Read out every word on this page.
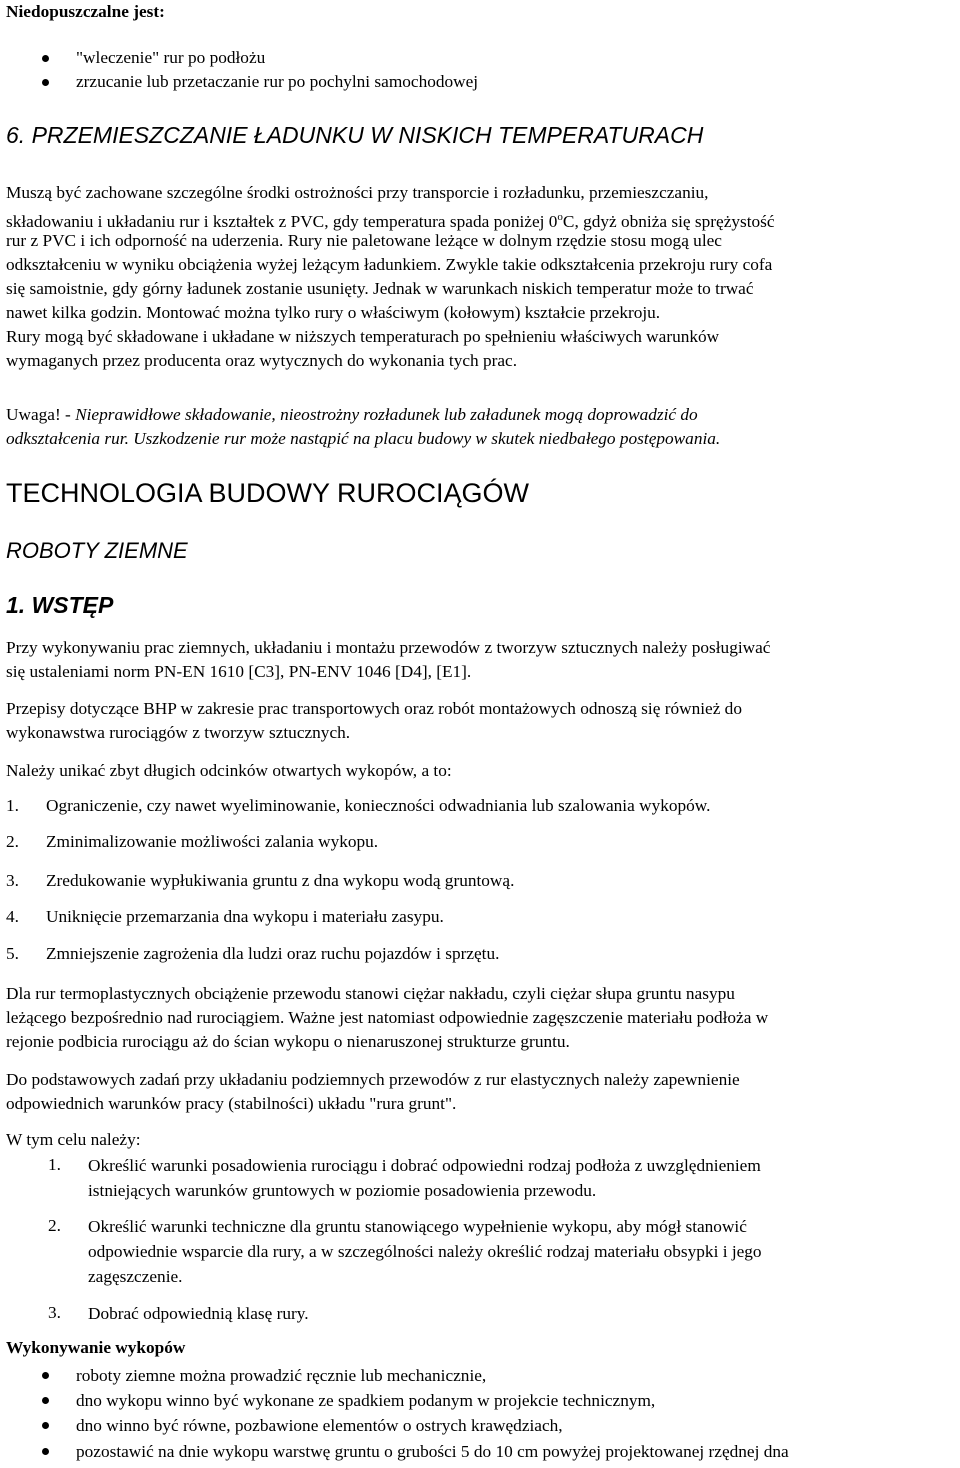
Niedopuszczalne jest:
"wleczenie" rur po podłożu
zrzucanie lub przetaczanie rur po pochylni samochodowej
6. PRZEMIESZCZANIE ŁADUNKU W NISKICH TEMPERATURACH
Muszą być zachowane szczególne środki ostrożności przy transporcie i rozładunku, przemieszczaniu,
składowaniu i układaniu rur i kształtek z PVC, gdy temperatura spada poniżej 0$^o$C, gdyż obniża się sprężystość
rur z PVC i ich odporność na uderzenia. Rury nie paletowane leżące w dolnym rzędzie stosu mogą ulec
odkształceniu w wyniku obciążenia wyżej leżącym ładunkiem. Zwykle takie odkształcenia przekroju rury cofa
się samoistnie, gdy górny ładunek zostanie usunięty. Jednak w warunkach niskich temperatur może to trwać
nawet kilka godzin. Montować można tylko rury o właściwym (kołowym) kształcie przekroju.
Rury mogą być składowane i układane w niższych temperaturach po spełnieniu właściwych warunków
wymaganych przez producenta oraz wytycznych do wykonania tych prac.
Uwaga! - Nieprawidłowe składowanie, nieostrożny rozładunek lub załadunek mogą doprowadzić do
odkształcenia rur. Uszkodzenie rur może nastąpić na placu budowy w skutek niedbałego postępowania.
TECHNOLOGIA BUDOWY RUROCIĄGÓW
ROBOTY ZIEMNE
1. WSTĘP
Przy wykonywaniu prac ziemnych, układaniu i montażu przewodów z tworzyw sztucznych należy posługiwać
się ustaleniami norm PN-EN 1610 [C3], PN-ENV 1046 [D4], [E1].
Przepisy dotyczące BHP w zakresie prac transportowych oraz robót montażowych odnoszą się również do
wykonawstwa rurociągów z tworzyw sztucznych.
Należy unikać zbyt długich odcinków otwartych wykopów, a to:
1. Ograniczenie, czy nawet wyeliminowanie, konieczności odwadniania lub szalowania wykopów.
2. Zminimalizowanie możliwości zalania wykopu.
3. Zredukowanie wypłukiwania gruntu z dna wykopu wodą gruntową.
4. Uniknięcie przemarzania dna wykopu i materiału zasypu.
5. Zmniejszenie zagrożenia dla ludzi oraz ruchu pojazdów i sprzętu.
Dla rur termoplastycznych obciążenie przewodu stanowi ciężar nakładu, czyli ciężar słupa gruntu nasypu
leżącego bezpośrednio nad rurociągiem. Ważne jest natomiast odpowiednie zagęszczenie materiału podłoża w
rejonie podbicia rurociągu aż do ścian wykopu o nienaruszonej strukturze gruntu.
Do podstawowych zadań przy układaniu podziemnych przewodów z rur elastycznych należy zapewnienie
odpowiednich warunków pracy (stabilności) układu "rura grunt".
W tym celu należy:
1. Określić warunki posadowienia rurociągu i dobrać odpowiedni rodzaj podłoża z uwzględnieniem
istniejących warunków gruntowych w poziomie posadowienia przewodu.
2. Określić warunki techniczne dla gruntu stanowiącego wypełnienie wykopu, aby mógł stanowić
odpowiednie wsparcie dla rury, a w szczególności należy określić rodzaj materiału obsypki i jego
zagęszczenie.
3. Dobrać odpowiednią klasę rury.
Wykonywanie wykopów
roboty ziemne można prowadzić ręcznie lub mechanicznie,
dno wykopu winno być wykonane ze spadkiem podanym w projekcie technicznym,
dno winno być równe, pozbawione elementów o ostrych krawędziach,
pozostawić na dnie wykopu warstwę gruntu o grubości 5 do 10 cm powyżej projektowanej rzędnej dna
